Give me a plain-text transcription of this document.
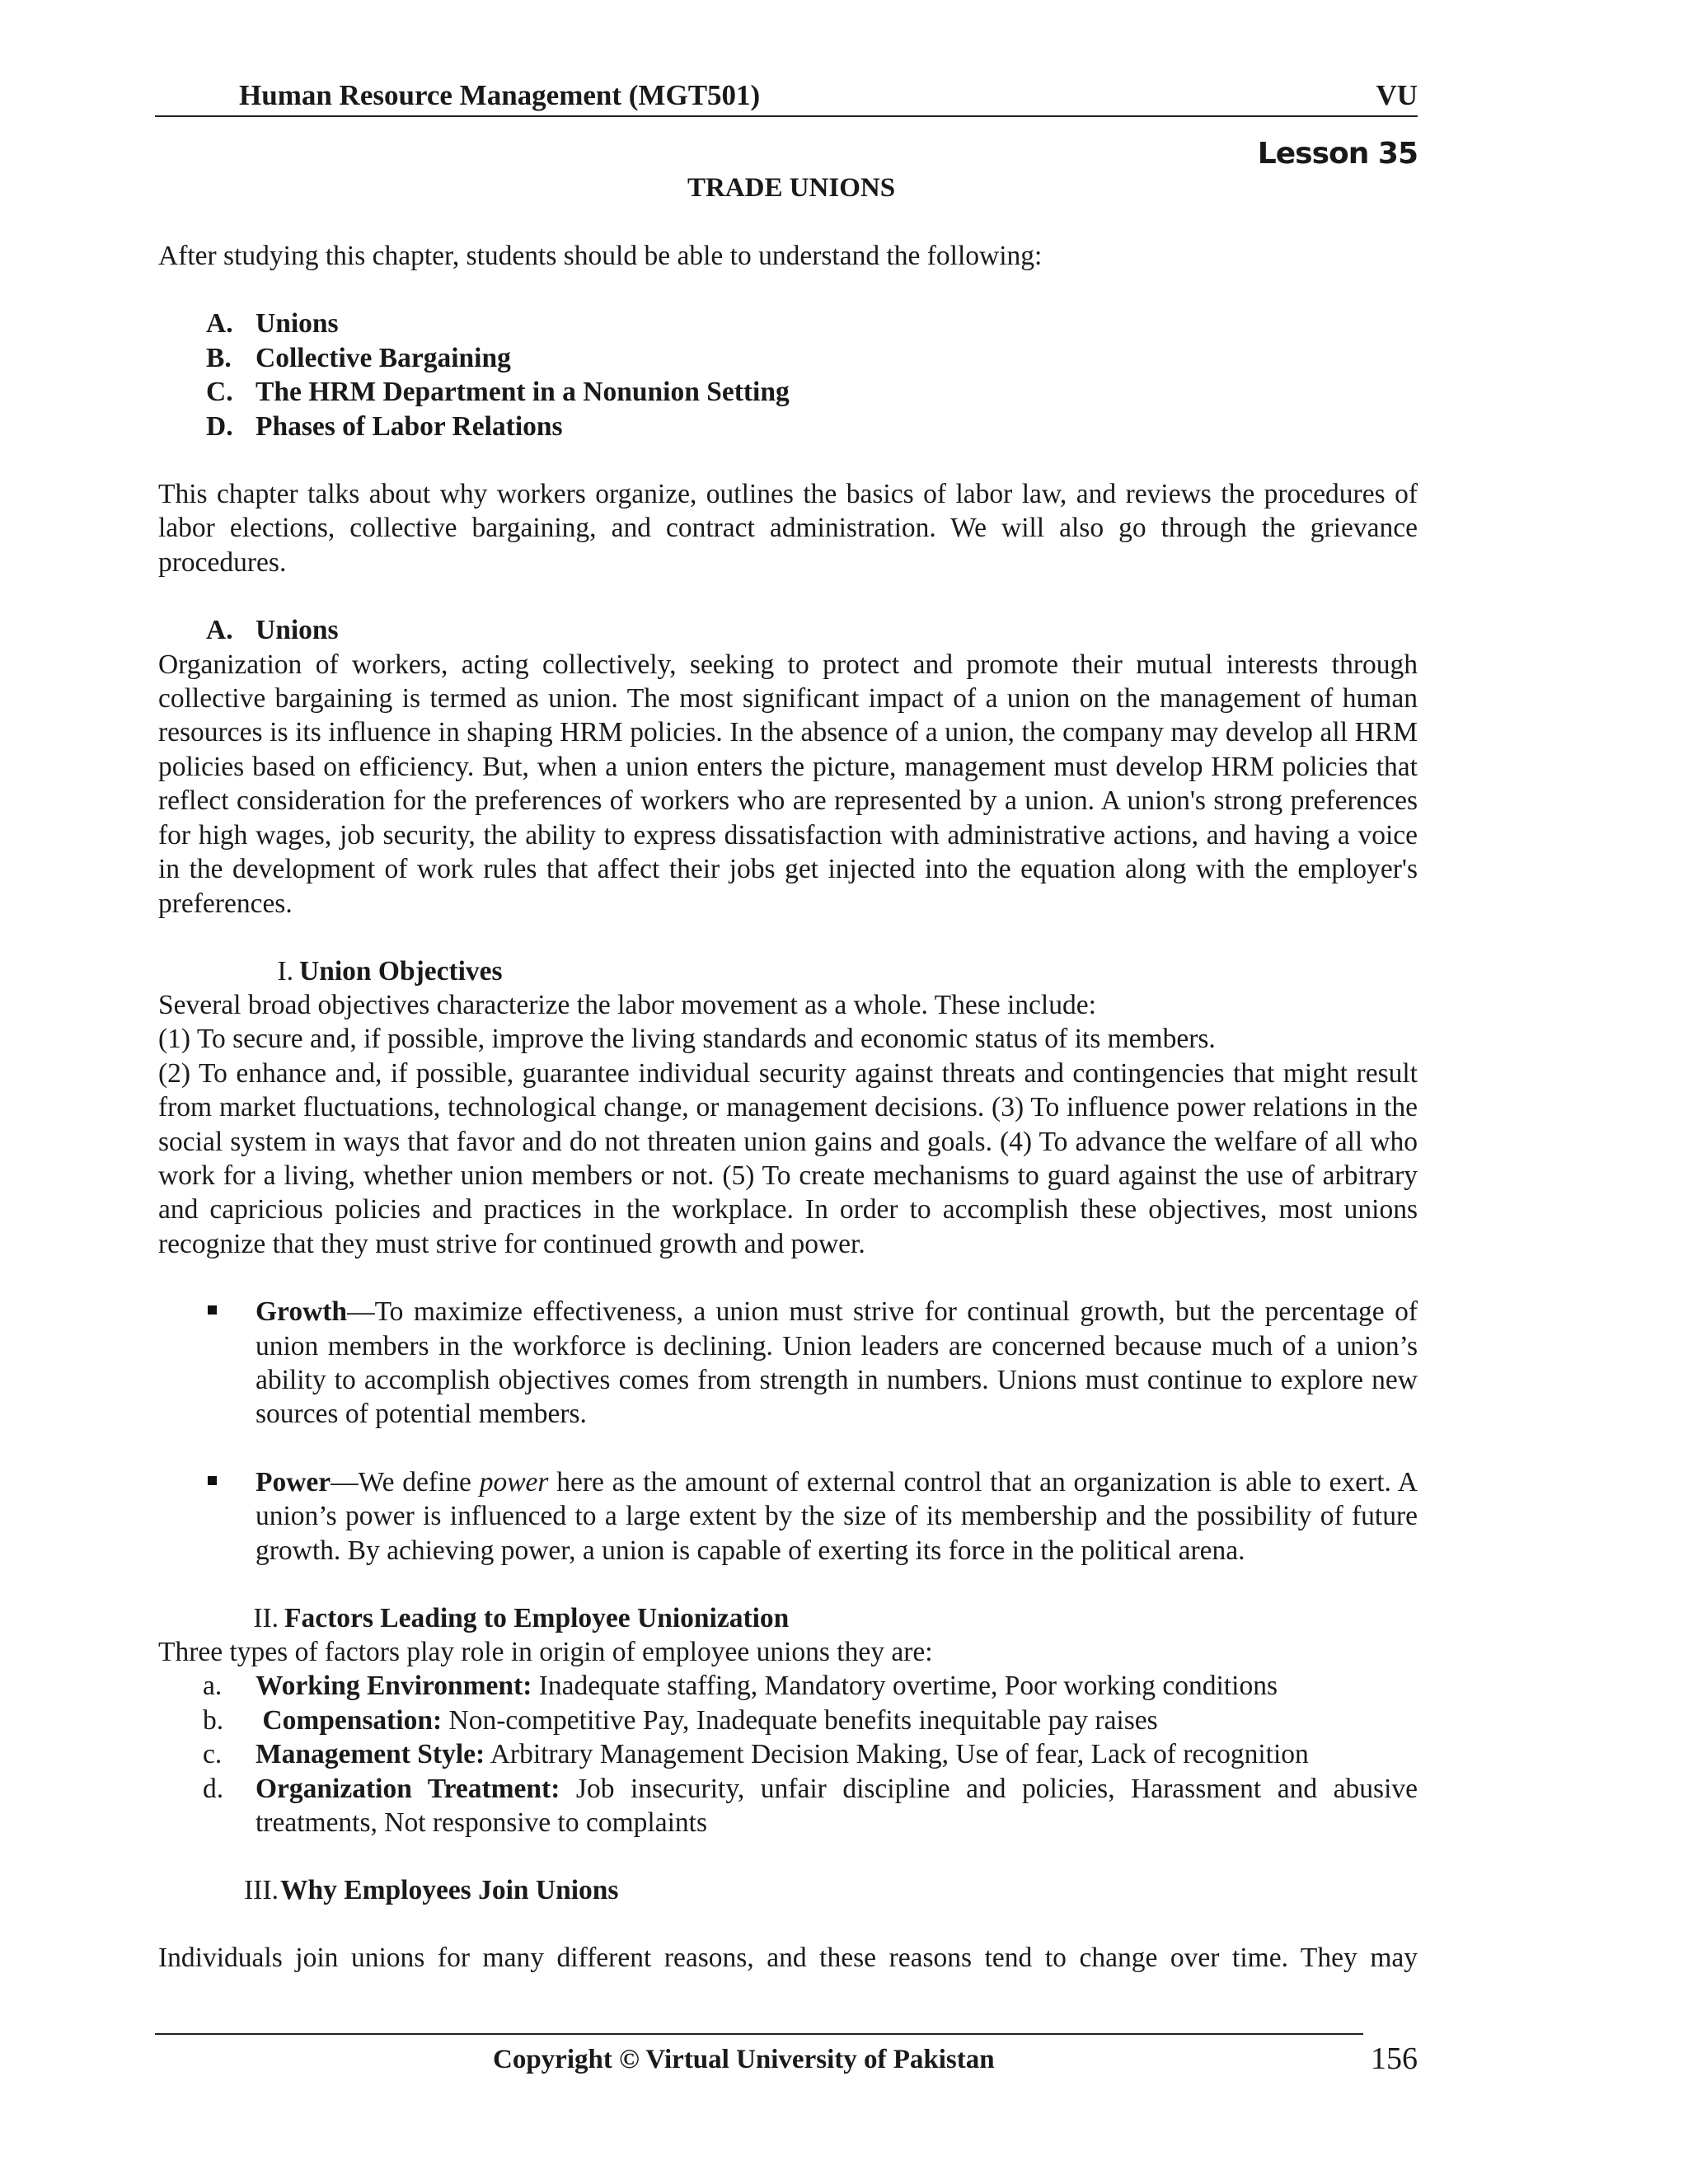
Human Resource Management (MGT501)	VU
Lesson 35
TRADE UNIONS

After studying this chapter, students should be able to understand the following:

A. Unions
B. Collective Bargaining
C. The HRM Department in a Nonunion Setting
D. Phases of Labor Relations

This chapter talks about why workers organize, outlines the basics of labor law, and reviews the procedures of labor elections, collective bargaining, and contract administration. We will also go through the grievance procedures.

A. Unions

Organization of workers, acting collectively, seeking to protect and promote their mutual interests through collective bargaining is termed as union. The most significant impact of a union on the management of human resources is its influence in shaping HRM policies. In the absence of a union, the company may develop all HRM policies based on efficiency. But, when a union enters the picture, management must develop HRM policies that reflect consideration for the preferences of workers who are represented by a union. A union's strong preferences for high wages, job security, the ability to express dissatisfaction with administrative actions, and having a voice in the development of work rules that affect their jobs get injected into the equation along with the employer's preferences.

I. Union Objectives

Several broad objectives characterize the labor movement as a whole. These include:

(1) To secure and, if possible, improve the living standards and economic status of its members.

(2) To enhance and, if possible, guarantee individual security against threats and contingencies that might result from market fluctuations, technological change, or management decisions. (3) To influence power relations in the social system in ways that favor and do not threaten union gains and goals. (4) To advance the welfare of all who work for a living, whether union members or not. (5) To create mechanisms to guard against the use of arbitrary and capricious policies and practices in the workplace. In order to accomplish these objectives, most unions recognize that they must strive for continued growth and power.

Growth—To maximize effectiveness, a union must strive for continual growth, but the percentage of union members in the workforce is declining. Union leaders are concerned because much of a union’s ability to accomplish objectives comes from strength in numbers. Unions must continue to explore new sources of potential members.
Power—We define power here as the amount of external control that an organization is able to exert. A union’s power is influenced to a large extent by the size of its membership and the possibility of future growth. By achieving power, a union is capable of exerting its force in the political arena.
II. Factors Leading to Employee Unionization

Three types of factors play role in origin of employee unions they are:

a. Working Environment: Inadequate staffing, Mandatory overtime, Poor working conditions
b. Compensation: Non-competitive Pay, Inadequate benefits inequitable pay raises
c. Management Style: Arbitrary Management Decision Making, Use of fear, Lack of recognition
d. Organization Treatment: Job insecurity, unfair discipline and policies, Harassment and abusive treatments, Not responsive to complaints
III. Why Employees Join Unions

Individuals join unions for many different reasons, and these reasons tend to change over time. They may

Copyright © Virtual University of Pakistan	156
